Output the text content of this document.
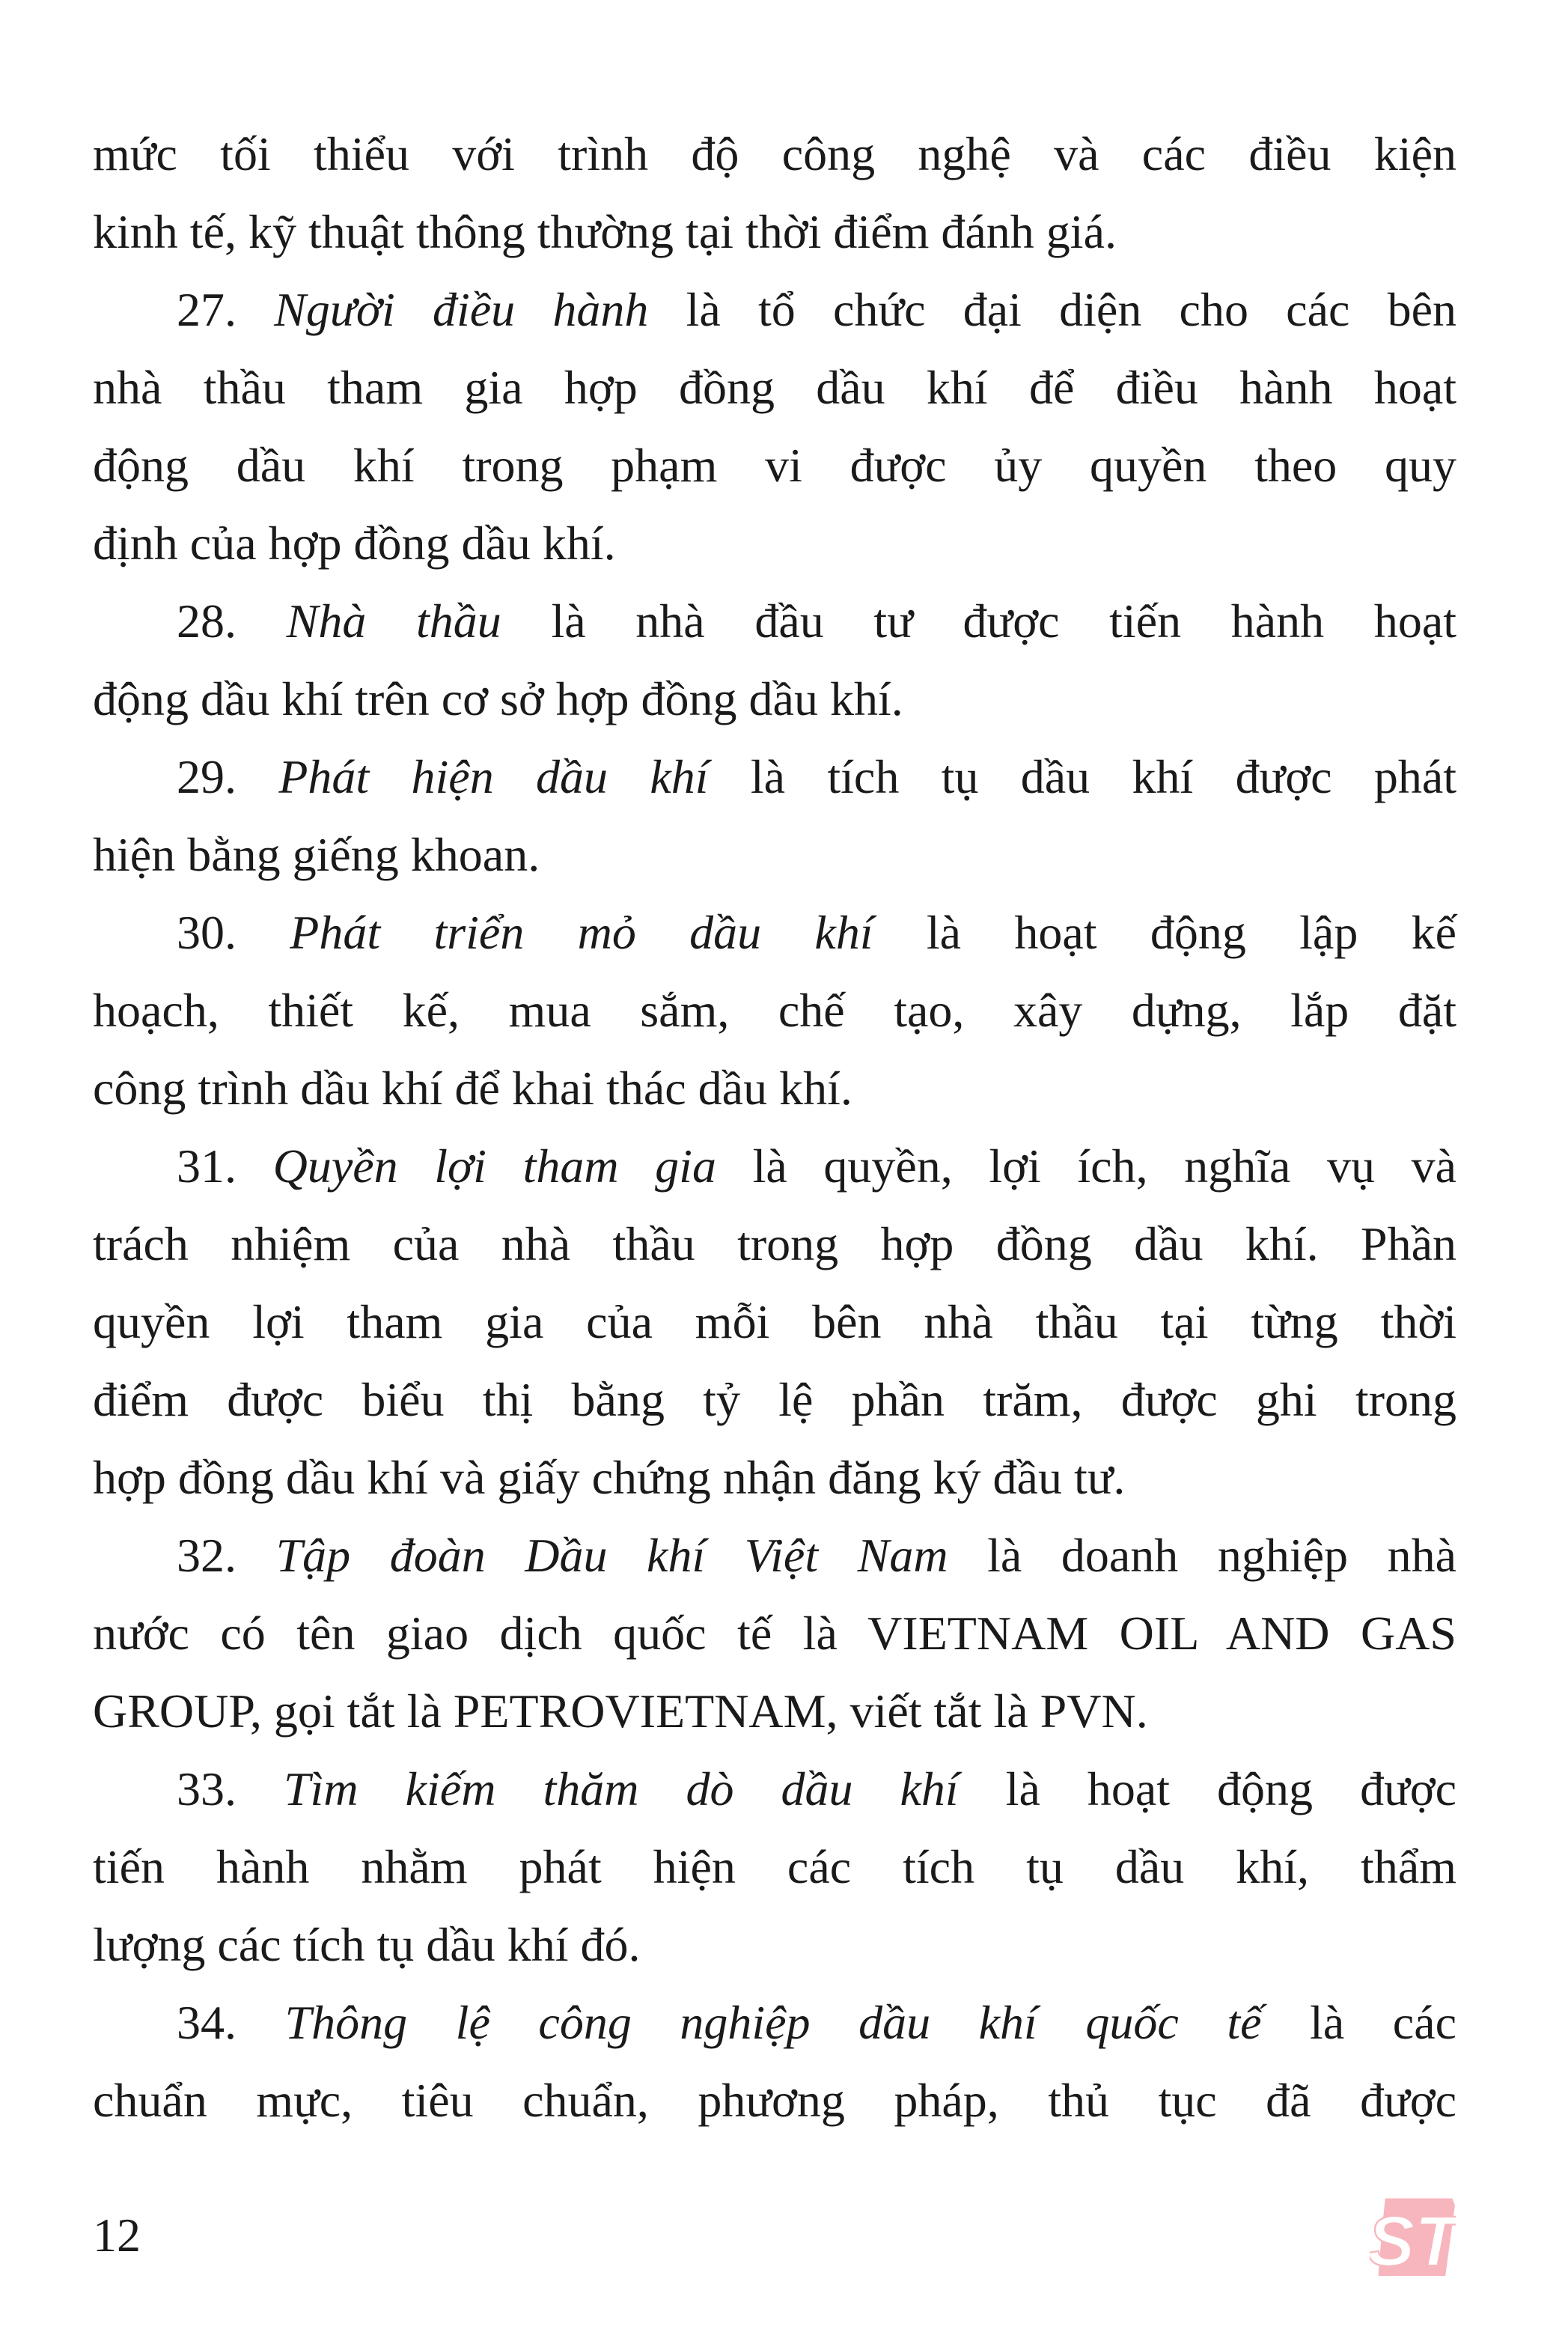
mức tối thiểu với trình độ công nghệ và các điều kiện
kinh tế, kỹ thuật thông thường tại thời điểm đánh giá.
27. Người điều hành là tổ chức đại diện cho các bên
nhà thầu tham gia hợp đồng dầu khí để điều hành hoạt
động dầu khí trong phạm vi được ủy quyền theo quy
định của hợp đồng dầu khí.
28. Nhà thầu là nhà đầu tư được tiến hành hoạt
động dầu khí trên cơ sở hợp đồng dầu khí.
29. Phát hiện dầu khí là tích tụ dầu khí được phát
hiện bằng giếng khoan.
30. Phát triển mỏ dầu khí là hoạt động lập kế
hoạch, thiết kế, mua sắm, chế tạo, xây dựng, lắp đặt
công trình dầu khí để khai thác dầu khí.
31. Quyền lợi tham gia là quyền, lợi ích, nghĩa vụ và
trách nhiệm của nhà thầu trong hợp đồng dầu khí. Phần
quyền lợi tham gia của mỗi bên nhà thầu tại từng thời
điểm được biểu thị bằng tỷ lệ phần trăm, được ghi trong
hợp đồng dầu khí và giấy chứng nhận đăng ký đầu tư.
32. Tập đoàn Dầu khí Việt Nam là doanh nghiệp nhà
nước có tên giao dịch quốc tế là VIETNAM OIL AND GAS
GROUP, gọi tắt là PETROVIETNAM, viết tắt là PVN.
33. Tìm kiếm thăm dò dầu khí là hoạt động được
tiến hành nhằm phát hiện các tích tụ dầu khí, thẩm
lượng các tích tụ dầu khí đó.
34. Thông lệ công nghiệp dầu khí quốc tế là các
chuẩn mực, tiêu chuẩn, phương pháp, thủ tục đã được
12	ST
